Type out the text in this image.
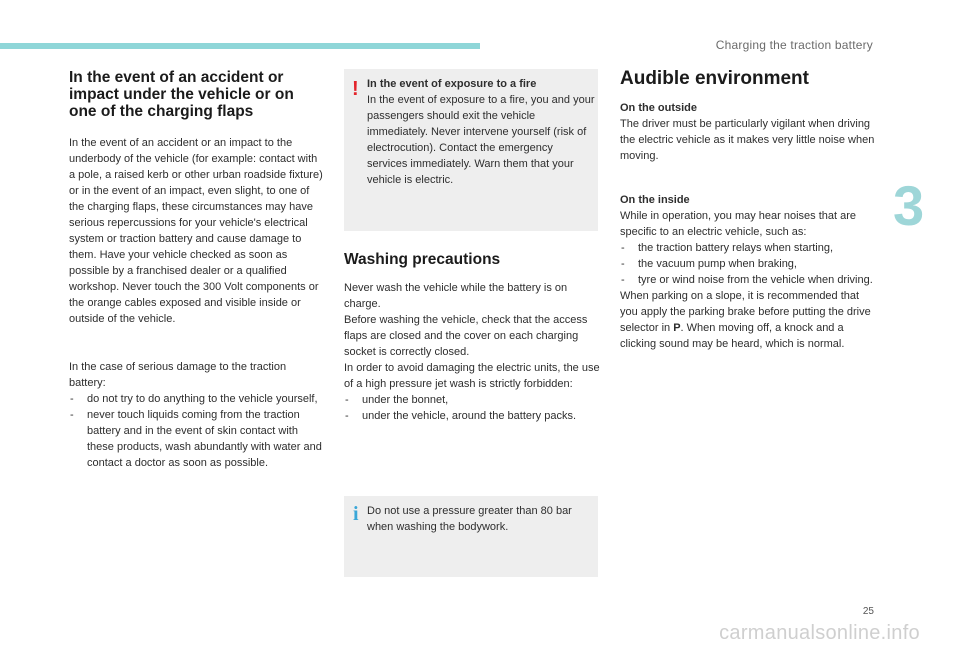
Charging the traction battery
3

In the event of an accident or impact under the vehicle or on one of the charging flaps

In the event of an accident or an impact to the underbody of the vehicle (for example: contact with a pole, a raised kerb or other urban roadside fixture) or in the event of an impact, even slight, to one of the charging flaps, these circumstances may have serious repercussions for your vehicle's electrical system or traction battery and cause damage to them. Have your vehicle checked as soon as possible by a franchised dealer or a qualified workshop. Never touch the 300 Volt components or the orange cables exposed and visible inside or outside of the vehicle.

In the case of serious damage to the traction battery:

- do not try to do anything to the vehicle yourself,
- never touch liquids coming from the traction battery and in the event of skin contact with these products, wash abundantly with water and contact a doctor as soon as possible.
! In the event of exposure to a fire

In the event of exposure to a fire, you and your passengers should exit the vehicle immediately. Never intervene yourself (risk of electrocution). Contact the emergency services immediately. Warn them that your vehicle is electric.

Washing precautions

Never wash the vehicle while the battery is on charge.

Before washing the vehicle, check that the access flaps are closed and the cover on each charging socket is correctly closed.

In order to avoid damaging the electric units, the use of a high pressure jet wash is strictly forbidden:

- under the bonnet,
- under the vehicle, around the battery packs.
i Do not use a pressure greater than 80 bar when washing the bodywork.

Audible environment

On the outside

The driver must be particularly vigilant when driving the electric vehicle as it makes very little noise when moving.

On the inside

While in operation, you may hear noises that are specific to an electric vehicle, such as:

- the traction battery relays when starting,
- the vacuum pump when braking,
- tyre or wind noise from the vehicle when driving.

When parking on a slope, it is recommended that you apply the parking brake before putting the drive selector in P. When moving off, a knock and a clicking sound may be heard, which is normal.

25
carmanualsonline.info
